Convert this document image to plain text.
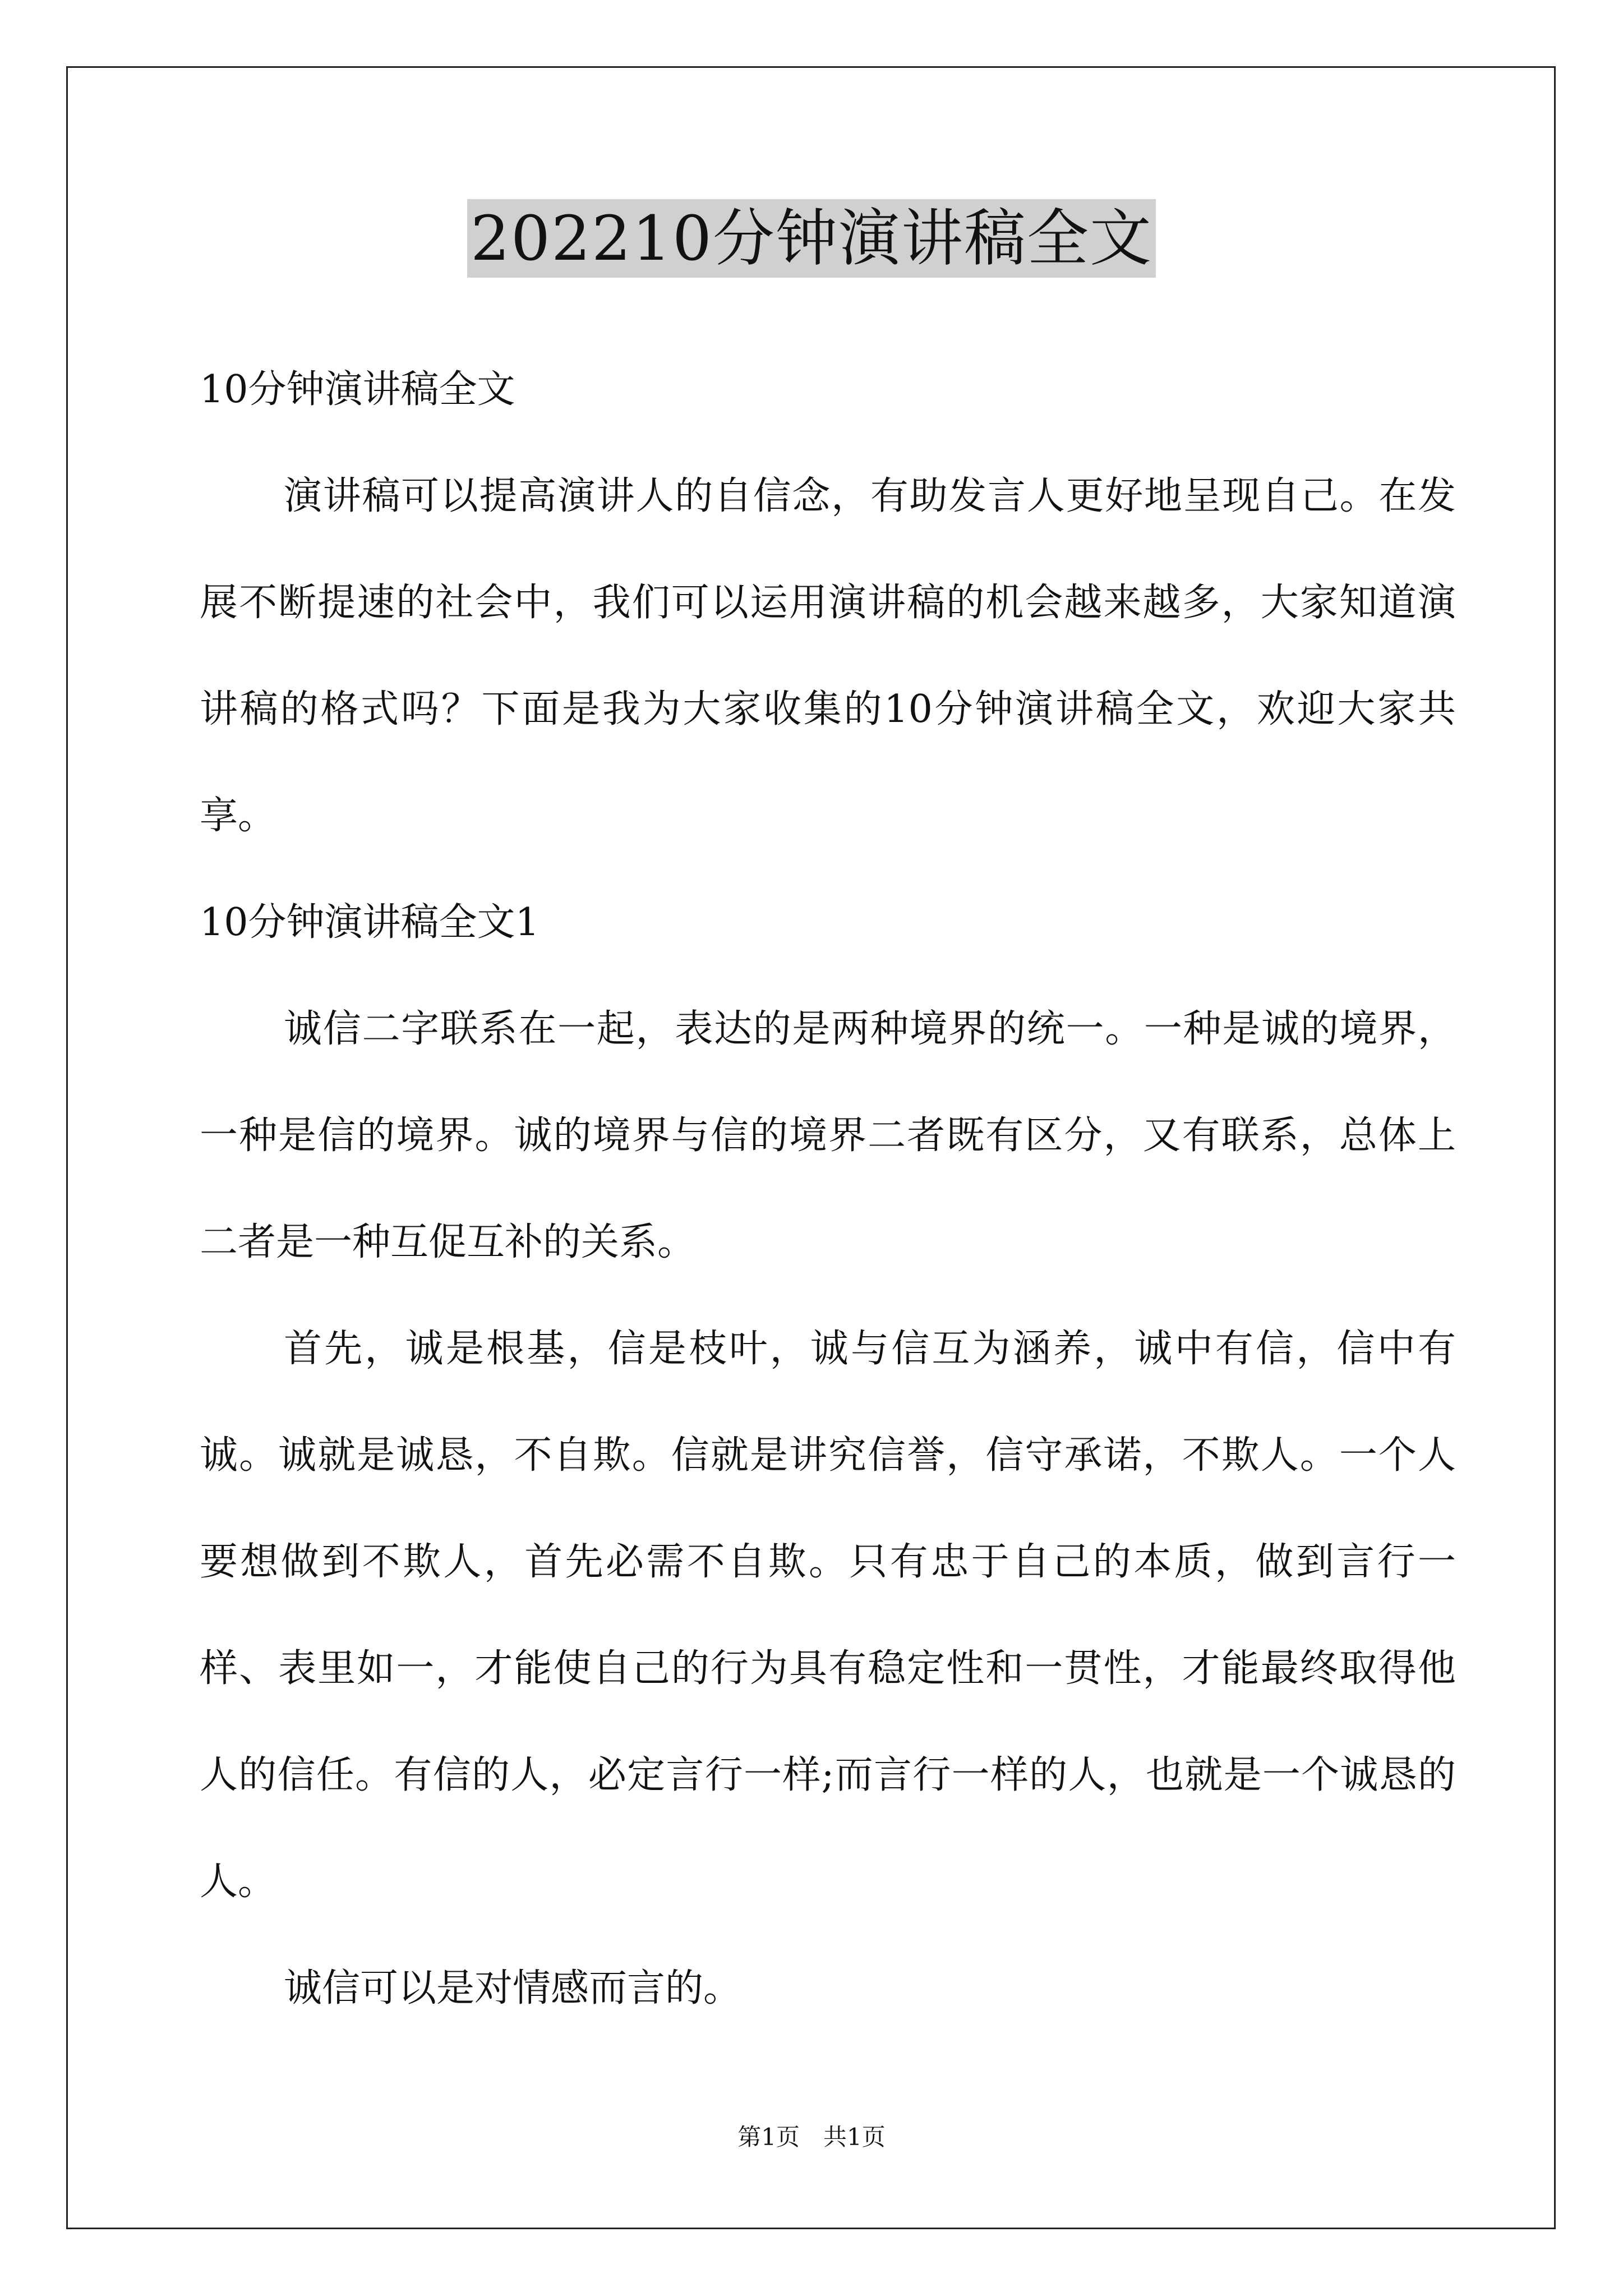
202210分钟演讲稿全文

10分钟演讲稿全文

演讲稿可以提高演讲人的自信念，有助发言人更好地呈现自己。在发展不断提速的社会中，我们可以运用演讲稿的机会越来越多，大家知道演讲稿的格式吗？下面是我为大家收集的10分钟演讲稿全文，欢迎大家共享。

10分钟演讲稿全文1

诚信二字联系在一起，表达的是两种境界的统一。一种是诚的境界，一种是信的境界。诚的境界与信的境界二者既有区分，又有联系，总体上二者是一种互促互补的关系。

首先，诚是根基，信是枝叶，诚与信互为涵养，诚中有信，信中有诚。诚就是诚恳，不自欺。信就是讲究信誉，信守承诺，不欺人。一个人要想做到不欺人，首先必需不自欺。只有忠于自己的本质，做到言行一样、表里如一，才能使自己的行为具有稳定性和一贯性，才能最终取得他人的信任。有信的人，必定言行一样;而言行一样的人，也就是一个诚恳的人。

诚信可以是对情感而言的。

第1页　共1页
